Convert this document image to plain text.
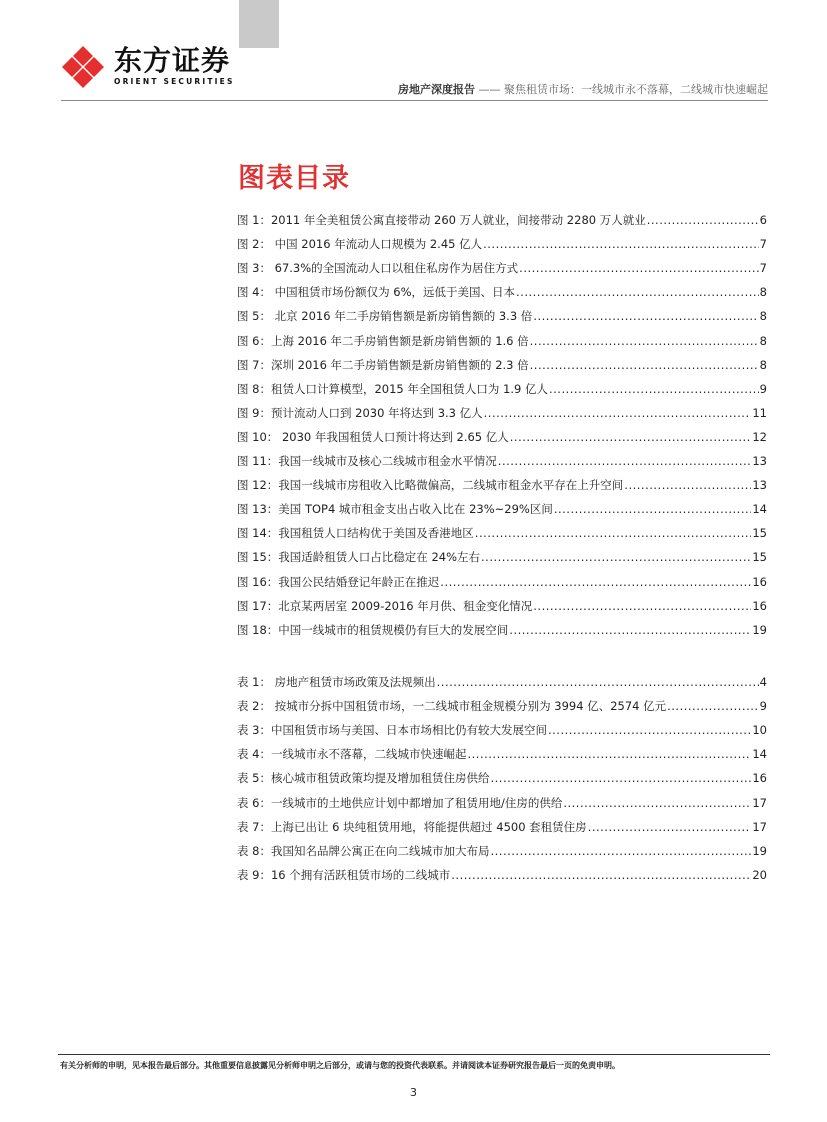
东方证券
ORIENT SECURITIES
房地产深度报告 —— 聚焦租赁市场：一线城市永不落幕，二线城市快速崛起
图表目录
图 1：2011 年全美租赁公寓直接带动 260 万人就业，间接带动 2280 万人就业 .....	6
图 2： 中国 2016 年流动人口规模为 2.45 亿人 .....	7
图 3： 67.3%的全国流动人口以租住私房作为居住方式 .....	7
图 4： 中国租赁市场份额仅为 6%，远低于美国、日本 .....	8
图 5： 北京 2016 年二手房销售额是新房销售额的 3.3 倍 .....	8
图 6：上海 2016 年二手房销售额是新房销售额的 1.6 倍 .....	8
图 7：深圳 2016 年二手房销售额是新房销售额的 2.3 倍 .....	8
图 8：租赁人口计算模型，2015 年全国租赁人口为 1.9 亿人 .....	9
图 9：预计流动人口到 2030 年将达到 3.3 亿人 .....	11
图 10： 2030 年我国租赁人口预计将达到 2.65 亿人 .....	12
图 11：我国一线城市及核心二线城市租金水平情况 .....	13
图 12：我国一线城市房租收入比略微偏高，二线城市租金水平存在上升空间 .....	13
图 13：美国 TOP4 城市租金支出占收入比在 23%~29%区间 .....	14
图 14：我国租赁人口结构优于美国及香港地区 .....	15
图 15：我国适龄租赁人口占比稳定在 24%左右 .....	15
图 16：我国公民结婚登记年龄正在推迟 .....	16
图 17：北京某两居室 2009-2016 年月供、租金变化情况 .....	16
图 18：中国一线城市的租赁规模仍有巨大的发展空间 .....	19
表 1： 房地产租赁市场政策及法规频出 .....	4
表 2： 按城市分拆中国租赁市场，一二线城市租金规模分别为 3994 亿、2574 亿元 .....	9
表 3：中国租赁市场与美国、日本市场相比仍有较大发展空间 .....	10
表 4：一线城市永不落幕，二线城市快速崛起 .....	14
表 5：核心城市租赁政策均提及增加租赁住房供给 .....	16
表 6：一线城市的土地供应计划中都增加了租赁用地/住房的供给 .....	17
表 7：上海已出让 6 块纯租赁用地，将能提供超过 4500 套租赁住房 .....	17
表 8：我国知名品牌公寓正在向二线城市加大布局 .....	19
表 9：16 个拥有活跃租赁市场的二线城市 .....	20
有关分析师的申明，见本报告最后部分。其他重要信息披露见分析师申明之后部分，或请与您的投资代表联系。并请阅读本证券研究报告最后一页的免责申明。
3
